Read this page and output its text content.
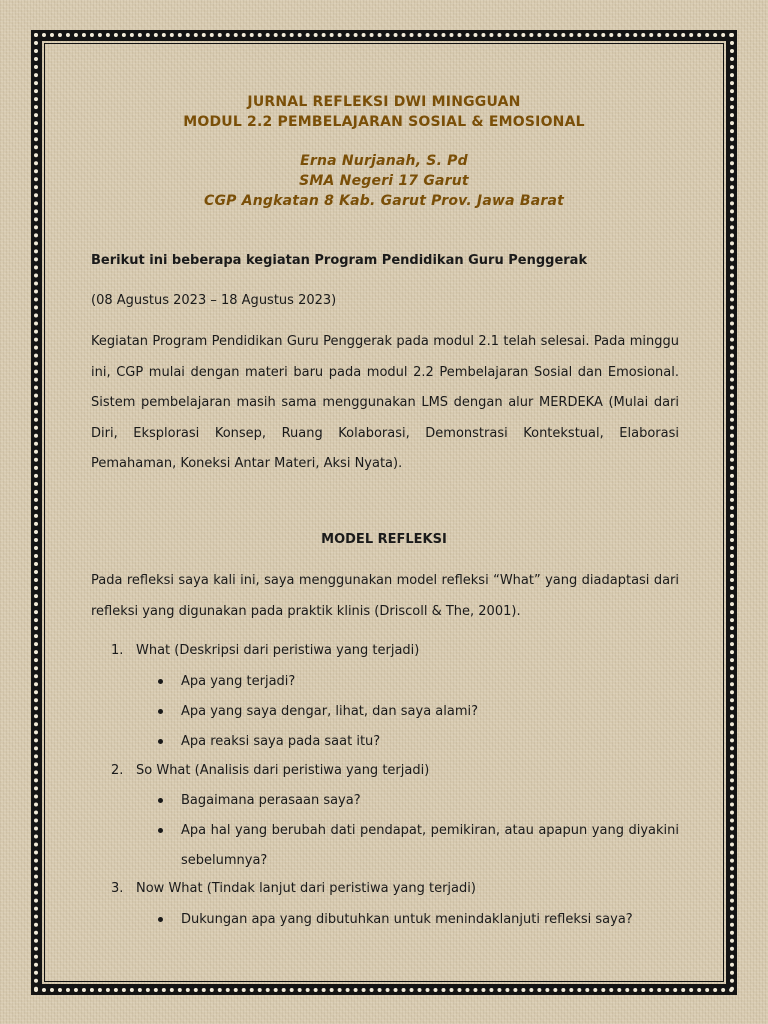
JURNAL REFLEKSI DWI MINGGUAN
MODUL 2.2 PEMBELAJARAN SOSIAL & EMOSIONAL
Erna Nurjanah, S. Pd
SMA Negeri 17 Garut
CGP Angkatan 8 Kab. Garut Prov. Jawa Barat
Berikut ini beberapa kegiatan Program Pendidikan Guru Penggerak
(08 Agustus 2023 – 18 Agustus 2023)
Kegiatan Program Pendidikan Guru Penggerak pada modul 2.1 telah selesai. Pada minggu ini, CGP mulai dengan materi baru pada modul 2.2 Pembelajaran Sosial dan Emosional. Sistem pembelajaran masih sama menggunakan LMS dengan alur MERDEKA (Mulai dari Diri, Eksplorasi Konsep, Ruang Kolaborasi, Demonstrasi Kontekstual, Elaborasi Pemahaman, Koneksi Antar Materi, Aksi Nyata).
MODEL REFLEKSI
Pada refleksi saya kali ini, saya menggunakan model refleksi “What” yang diadaptasi dari refleksi yang digunakan pada praktik klinis (Driscoll & The, 2001).
1. What (Deskripsi dari peristiwa yang terjadi)
Apa yang terjadi?
Apa yang saya dengar, lihat, dan saya alami?
Apa reaksi saya pada saat itu?
2. So What (Analisis dari peristiwa yang terjadi)
Bagaimana perasaan saya?
Apa hal yang berubah dati pendapat, pemikiran, atau apapun yang diyakini sebelumnya?
3. Now What (Tindak lanjut dari peristiwa yang terjadi)
Dukungan apa yang dibutuhkan untuk menindaklanjuti refleksi saya?
